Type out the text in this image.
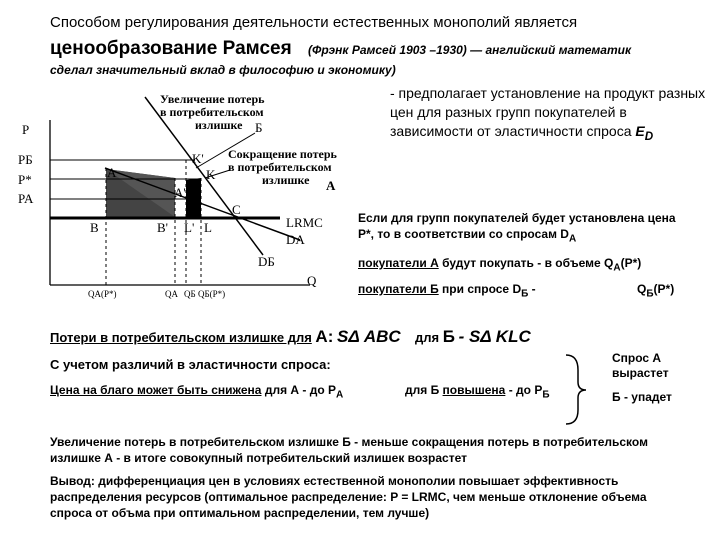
Способом регулирования деятельности естественных монополий является
ценообразование Рамсея (Фрэнк Рамсей 1903 –1930) — английский математик
сделал значительный вклад в философию и экономику)
- предполагает установление на продукт разных цен для разных групп покупателей в зависимости от эластичности спроса $E_D$
Увеличение потерь
в потребительском
излишке Б
Сокращение потерь
в потребительском
излишке А
P
Q
PБ
P*
PA
A
A'
B	B'
K
K'
C
L
L'	LRMC
DA
DБ
QA(P*)	QA QБ QБ(P*)
Если для групп покупателей будет установлена цена P*, то в соответствии со спросам $D_A$
покупатели А будут покупать - в объеме $Q_A(P*)$
покупатели Б при спросе $D_Б$ -	$Q_Б(P*)$
Потери в потребительском излишке для А: SΔ ABC для Б - SΔ KLC
С учетом различий в эластичности спроса:
Цена на благо может быть снижена для А - до $P_A$	для Б повышена - до $P_Б$
Спрос А вырастет
Б - упадет
Увеличение потерь в потребительском излишке Б - меньше сокращения потерь в потребительском излишке А - в итоге совокупный потребительский излишек возрастет
Вывод: дифференциация цен в условиях естественной монополии повышает эффективность распределения ресурсов (оптимальное распределение: P = LRMC, чем меньше отклонение объема спроса от объма при оптимальном распределении, тем лучше)
